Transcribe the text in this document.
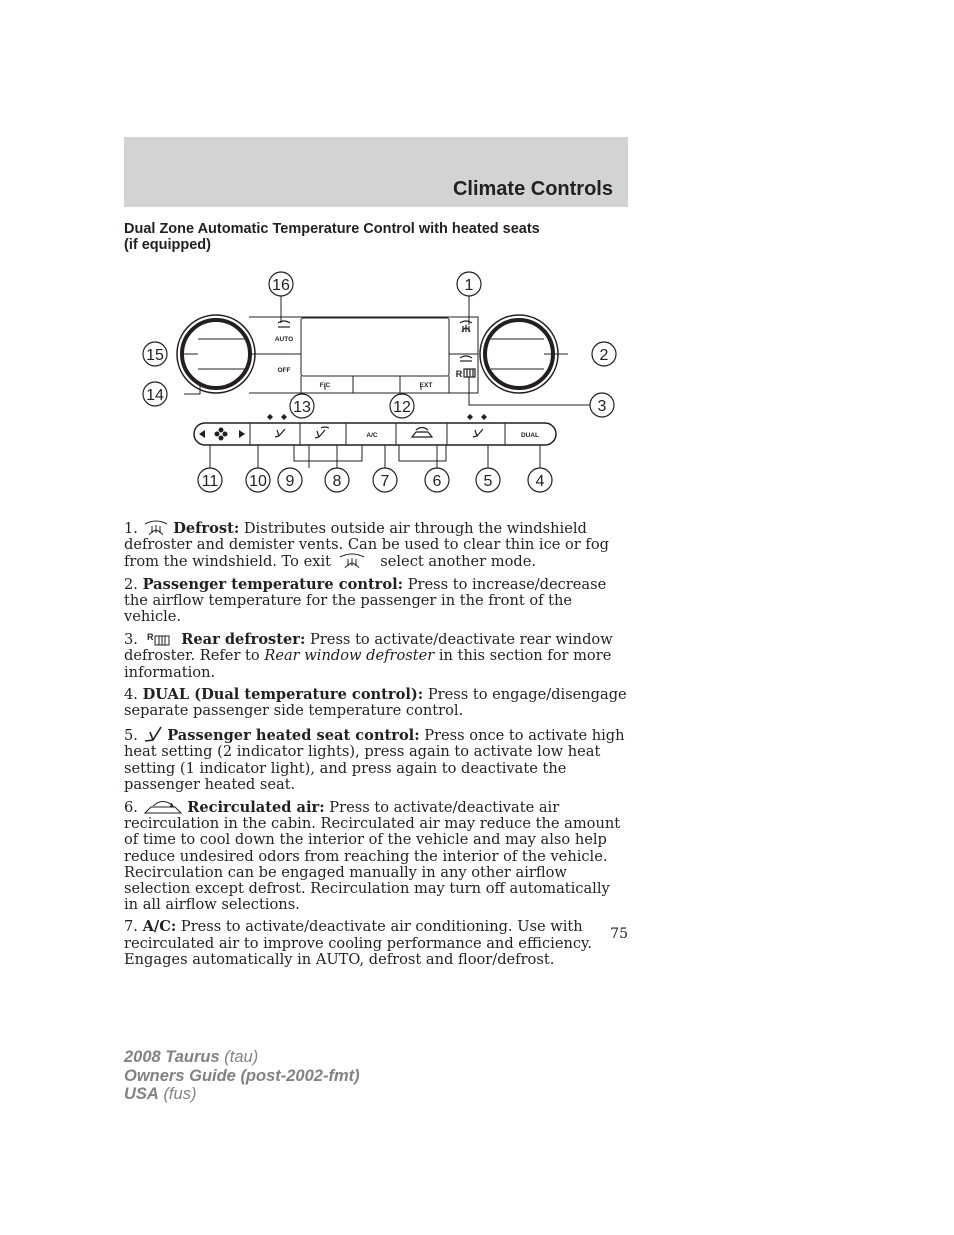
Climate Controls
Dual Zone Automatic Temperature Control with heated seats
(if equipped)
AUTO
OFF
F/C	EXT
A/C	DUAL
R
16	1
15	2
14
3
13	12
11 10 9 8 7	6	5	4

1. Defrost: Distributes outside air through the windshield defroster and demister vents. Can be used to clear thin ice or fog from the windshield. To exit	select another mode.

2. Passenger temperature control: Press to increase/decrease the airflow temperature for the passenger in the front of the vehicle.

3. R Rear defroster: Press to activate/deactivate rear window defroster. Refer to Rear window defroster in this section for more information.

4. DUAL (Dual temperature control): Press to engage/disengage separate passenger side temperature control.

5. Passenger heated seat control: Press once to activate high heat setting (2 indicator lights), press again to activate low heat setting (1 indicator light), and press again to deactivate the passenger heated seat.

6.	Recirculated air: Press to activate/deactivate air recirculation in the cabin. Recirculated air may reduce the amount of time to cool down the interior of the vehicle and may also help reduce undesired odors from reaching the interior of the vehicle. Recirculation can be engaged manually in any other airflow selection except defrost. Recirculation may turn off automatically in all airflow selections.

7. A/C: Press to activate/deactivate air conditioning. Use with recirculated air to improve cooling performance and efficiency. Engages automatically in AUTO, defrost and floor/defrost.

75
2008 Taurus (tau)
Owners Guide (post-2002-fmt)
USA (fus)
